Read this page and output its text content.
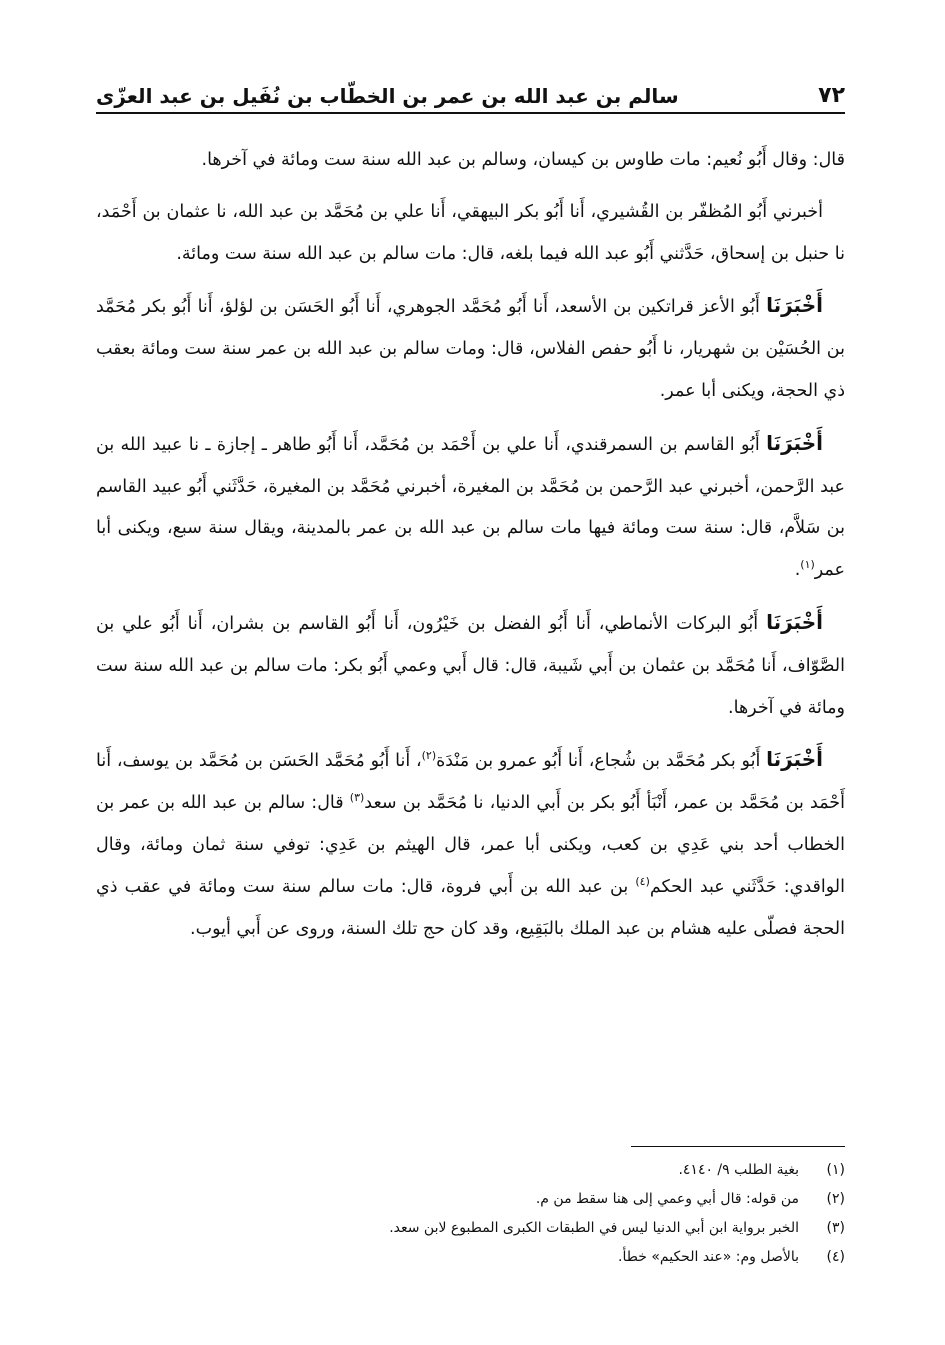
٧٢
سالم بن عبد الله بن عمر بن الخطّاب بن نُفَيل بن عبد العزّى

قال: وقال أَبُو نُعيم: مات طاوس بن كيسان، وسالم بن عبد الله سنة ست ومائة في آخرها.

أخبرني أَبُو المُظفّر بن القُشيري، أَنا أَبُو بكر البيهقي، أَنا علي بن مُحَمَّد بن عبد الله، نا عثمان بن أَحْمَد، نا حنبل بن إسحاق، حَدَّثني أَبُو عبد الله فيما بلغه، قال: مات سالم بن عبد الله سنة ست ومائة.

أَخْبَرَنَا أَبُو الأعز قراتكين بن الأسعد، أَنا أَبُو مُحَمَّد الجوهري، أَنا أَبُو الحَسَن بن لؤلؤ، أَنا أَبُو بكر مُحَمَّد بن الحُسَيْن بن شهريار، نا أَبُو حفص الفلاس، قال: ومات سالم بن عبد الله بن عمر سنة ست ومائة بعقب ذي الحجة، ويكنى أبا عمر.

أَخْبَرَنَا أَبُو القاسم بن السمرقندي، أَنا علي بن أَحْمَد بن مُحَمَّد، أَنا أَبُو طاهر ـ إجازة ـ نا عبيد الله بن عبد الرَّحمن، أخبرني عبد الرَّحمن بن مُحَمَّد بن المغيرة، أخبرني مُحَمَّد بن المغيرة، حَدَّثَني أَبُو عبيد القاسم بن سَلاَّم، قال: سنة ست ومائة فيها مات سالم بن عبد الله بن عمر بالمدينة، ويقال سنة سبع، ويكنى أبا عمر$^{(١)}$.

أَخْبَرَنَا أَبُو البركات الأنماطي، أَنا أَبُو الفضل بن خَيْرُون، أَنا أَبُو القاسم بن بشران، أَنا أَبُو علي بن الصَّوّاف، أَنا مُحَمَّد بن عثمان بن أَبي شَيبة، قال: قال أَبي وعمي أَبُو بكر: مات سالم بن عبد الله سنة ست ومائة في آخرها.

أَخْبَرَنَا أَبُو بكر مُحَمَّد بن شُجاع، أَنا أَبُو عمرو بن مَنْدَة$^{(٢)}$، أَنا أَبُو مُحَمَّد الحَسَن بن مُحَمَّد بن يوسف، أَنا أَحْمَد بن مُحَمَّد بن عمر، أَنْبَأ أَبُو بكر بن أَبي الدنيا، نا مُحَمَّد بن سعد$^{(٣)}$ قال: سالم بن عبد الله بن عمر بن الخطاب أحد بني عَدِي بن كعب، ويكنى أبا عمر، قال الهيثم بن عَدِي: توفي سنة ثمان ومائة، وقال الواقدي: حَدَّثَني عبد الحكم$^{(٤)}$ بن عبد الله بن أَبي فروة، قال: مات سالم سنة ست ومائة في عقب ذي الحجة فصلّى عليه هشام بن عبد الملك بالبَقِيع، وقد كان حج تلك السنة، وروى عن أَبي أيوب.

(١)
بغية الطلب ٩/ ٤١٤٠.
(٢)
من قوله: قال أبي وعمي إلى هنا سقط من م.
(٣)
الخبر برواية ابن أبي الدنيا ليس في الطبقات الكبرى المطبوع لابن سعد.
(٤)
بالأصل وم: «عند الحكيم» خطأ.
